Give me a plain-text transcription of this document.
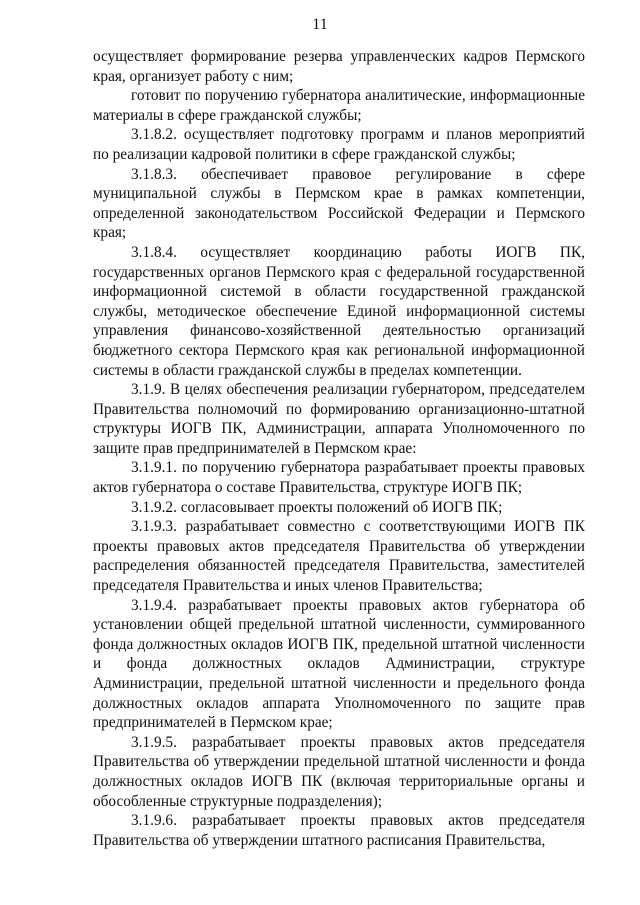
11

осуществляет формирование резерва управленческих кадров Пермского края, организует работу с ним;

готовит по поручению губернатора аналитические, информационные материалы в сфере гражданской службы;

3.1.8.2. осуществляет подготовку программ и планов мероприятий по реализации кадровой политики в сфере гражданской службы;

3.1.8.3. обеспечивает правовое регулирование в сфере муниципальной службы в Пермском крае в рамках компетенции, определенной законодательством Российской Федерации и Пермского края;

3.1.8.4. осуществляет координацию работы ИОГВ ПК, государственных органов Пермского края с федеральной государственной информационной системой в области государственной гражданской службы, методическое обеспечение Единой информационной системы управления финансово-хозяйственной деятельностью организаций бюджетного сектора Пермского края как региональной информационной системы в области гражданской службы в пределах компетенции.

3.1.9. В целях обеспечения реализации губернатором, председателем Правительства полномочий по формированию организационно-штатной структуры ИОГВ ПК, Администрации, аппарата Уполномоченного по защите прав предпринимателей в Пермском крае:

3.1.9.1. по поручению губернатора разрабатывает проекты правовых актов губернатора о составе Правительства, структуре ИОГВ ПК;

3.1.9.2. согласовывает проекты положений об ИОГВ ПК;

3.1.9.3. разрабатывает совместно с соответствующими ИОГВ ПК проекты правовых актов председателя Правительства об утверждении распределения обязанностей председателя Правительства, заместителей председателя Правительства и иных членов Правительства;

3.1.9.4. разрабатывает проекты правовых актов губернатора об установлении общей предельной штатной численности, суммированного фонда должностных окладов ИОГВ ПК, предельной штатной численности и фонда должностных окладов Администрации, структуре Администрации, предельной штатной численности и предельного фонда должностных окладов аппарата Уполномоченного по защите прав предпринимателей в Пермском крае;

3.1.9.5. разрабатывает проекты правовых актов председателя Правительства об утверждении предельной штатной численности и фонда должностных окладов ИОГВ ПК (включая территориальные органы и обособленные структурные подразделения);

3.1.9.6. разрабатывает проекты правовых актов председателя Правительства об утверждении штатного расписания Правительства,
